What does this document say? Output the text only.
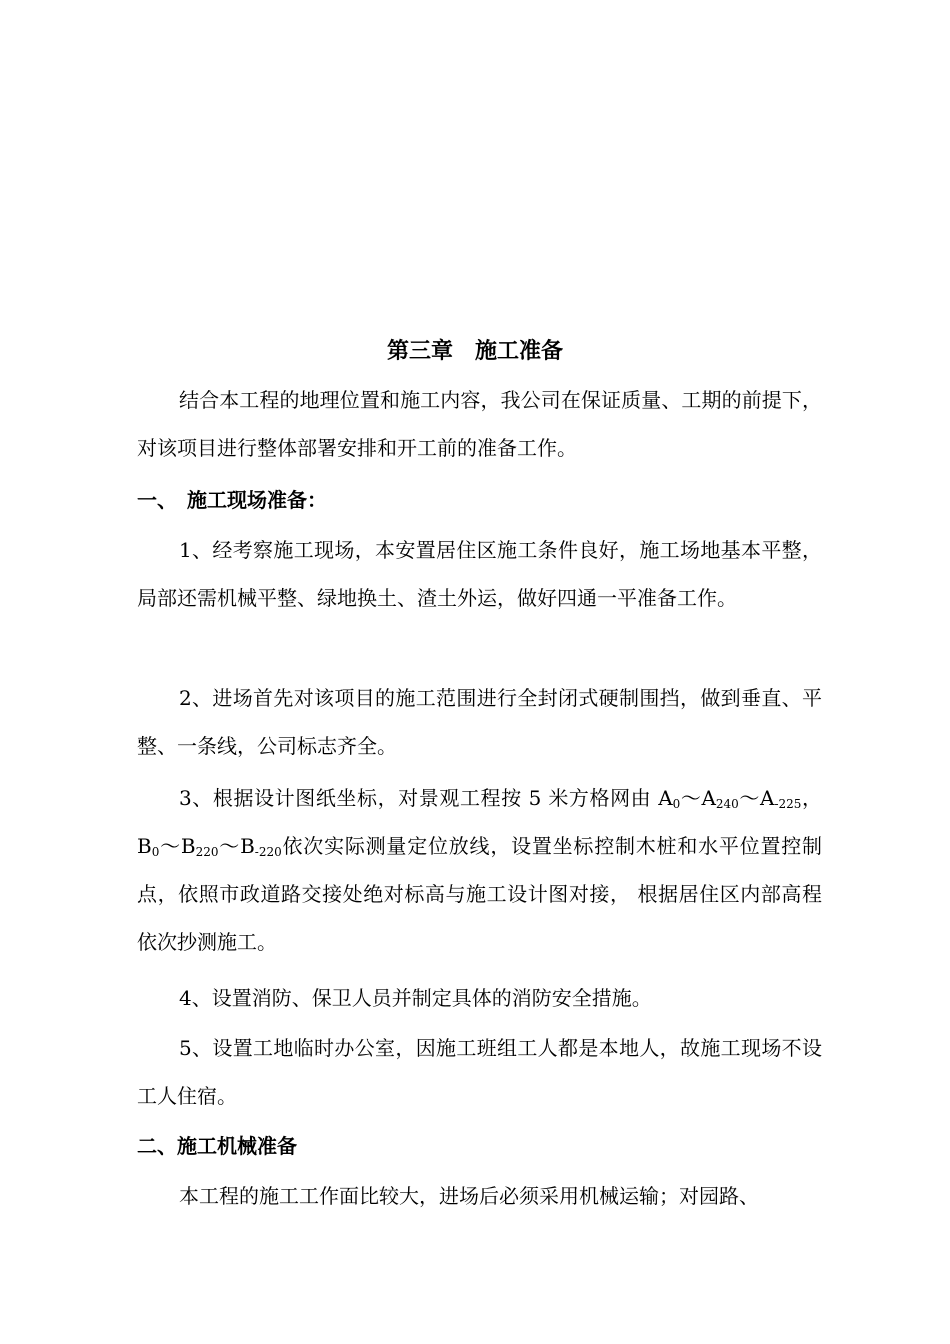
第三章　施工准备

结合本工程的地理位置和施工内容，我公司在保证质量、工期的前提下，对该项目进行整体部署安排和开工前的准备工作。

一、　施工现场准备：

1、经考察施工现场，本安置居住区施工条件良好，施工场地基本平整，局部还需机械平整、绿地换土、渣土外运，做好四通一平准备工作。

2、进场首先对该项目的施工范围进行全封闭式硬制围挡，做到垂直、平整、一条线，公司标志齐全。

3、根据设计图纸坐标，对景观工程按 5 米方格网由 $A_0\sim A_{240}\sim A_{-225}$，$B_0\sim B_{220}\sim B_{-220}$依次实际测量定位放线，设置坐标控制木桩和水平位置控制点，依照市政道路交接处绝对标高与施工设计图对接， 根据居住区内部高程依次抄测施工。

4、设置消防、保卫人员并制定具体的消防安全措施。

5、设置工地临时办公室，因施工班组工人都是本地人，故施工现场不设工人住宿。

二、施工机械准备

本工程的施工工作面比较大，进场后必须采用机械运输；对园路、
